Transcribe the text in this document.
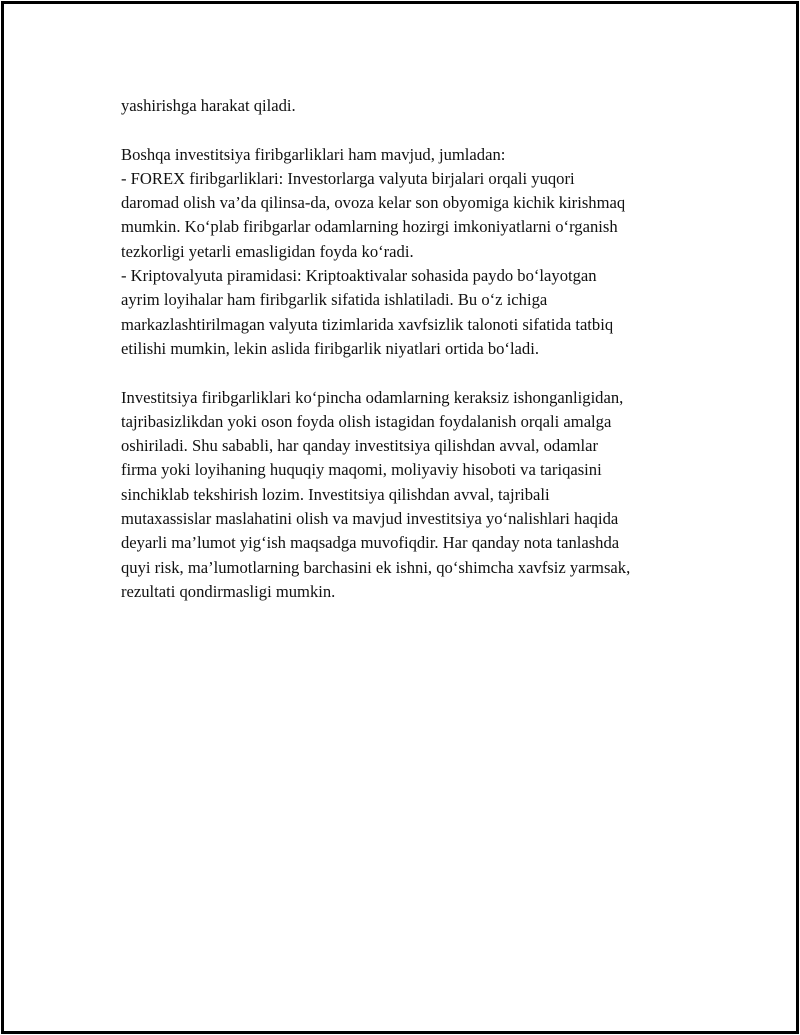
yashirishga harakat qiladi.

Boshqa investitsiya firibgarliklari ham mavjud, jumladan:
- FOREX firibgarliklari: Investorlarga valyuta birjalari orqali yuqori
daromad olish va’da qilinsa-da, ovoza kelar son obyomiga kichik kirishmaq
mumkin. Ko‘plab firibgarlar odamlarning hozirgi imkoniyatlarni o‘rganish
tezkorligi yetarli emasligidan foyda ko‘radi.
- Kriptovalyuta piramidasi: Kriptoaktivalar sohasida paydo bo‘layotgan
ayrim loyihalar ham firibgarlik sifatida ishlatiladi. Bu o‘z ichiga
markazlashtirilmagan valyuta tizimlarida xavfsizlik talonoti sifatida tatbiq
etilishi mumkin, lekin aslida firibgarlik niyatlari ortida bo‘ladi.

Investitsiya firibgarliklari ko‘pincha odamlarning keraksiz ishonganligidan,
tajribasizlikdan yoki oson foyda olish istagidan foydalanish orqali amalga
oshiriladi. Shu sababli, har qanday investitsiya qilishdan avval, odamlar
firma yoki loyihaning huquqiy maqomi, moliyaviy hisoboti va tariqasini
sinchiklab tekshirish lozim. Investitsiya qilishdan avval, tajribali
mutaxassislar maslahatini olish va mavjud investitsiya yo‘nalishlari haqida
deyarli ma’lumot yig‘ish maqsadga muvofiqdir. Har qanday nota tanlashda
quyi risk, ma’lumotlarning barchasini ek ishni, qo‘shimcha xavfsiz yarmsak,
rezultati qondirmasligi mumkin.
